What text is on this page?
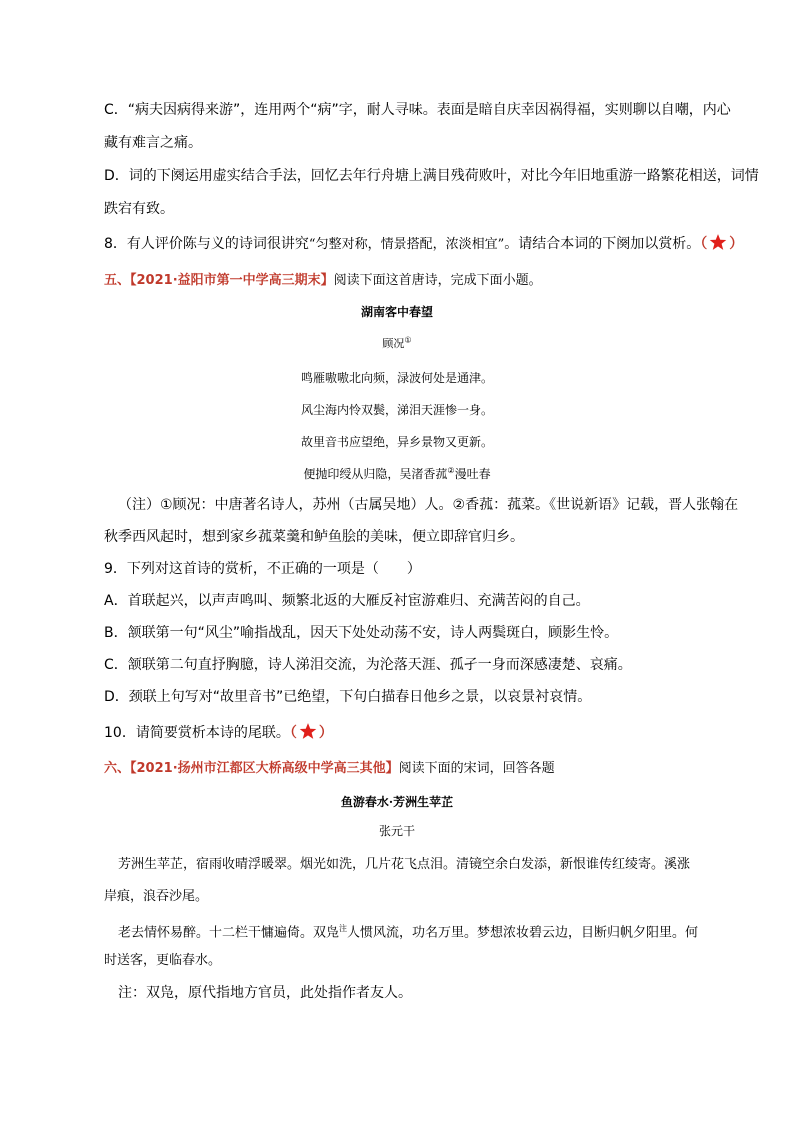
C．“病夫因病得来游”，连用两个“病”字，耐人寻味。表面是暗自庆幸因祸得福，实则聊以自嘲，内心
藏有难言之痛。
D．词的下阕运用虚实结合手法，回忆去年行舟塘上满目残荷败叶，对比今年旧地重游一路繁花相送，词情
跌宕有致。
8．有人评价陈与义的诗词很讲究“匀整对称，情景搭配，浓淡相宜”。请结合本词的下阕加以赏析。（ ）
五、【2021·益阳市第一中学高三期末】阅读下面这首唐诗，完成下面小题。
湖南客中春望
顾况①
鸣雁嗷嗷北向频，渌波何处是通津。
风尘海内怜双鬓，涕泪天涯惨一身。
故里音书应望绝，异乡景物又更新。
便抛印绶从归隐，吴渚香菰②漫吐春
（注）①顾况：中唐著名诗人，苏州（古属吴地）人。②香菰：菰菜。《世说新语》记载，晋人张翰在
秋季西风起时，想到家乡菰菜羹和鲈鱼脍的美味，便立即辞官归乡。
9．下列对这首诗的赏析，不正确的一项是（　　）
A．首联起兴，以声声鸣叫、频繁北返的大雁反衬宦游难归、充满苦闷的自己。
B．颔联第一句“风尘”喻指战乱，因天下处处动荡不安，诗人两鬓斑白，顾影生怜。
C．颔联第二句直抒胸臆，诗人涕泪交流，为沦落天涯、孤孑一身而深感凄楚、哀痛。
D．颈联上句写对“故里音书”已绝望，下句白描春日他乡之景，以哀景衬哀情。
10．请简要赏析本诗的尾联。（ ）
六、【2021·扬州市江都区大桥高级中学高三其他】阅读下面的宋词，回答各题
鱼游春水·芳洲生苹芷
张元干
芳洲生苹芷，宿雨收晴浮暖翠。烟光如洗，几片花飞点泪。清镜空余白发添，新恨谁传红绫寄。溪涨
岸痕，浪吞沙尾。
老去情怀易醉。十二栏干慵遍倚。双凫$^注$人惯风流，功名万里。梦想浓妆碧云边，目断归帆夕阳里。何
时送客，更临春水。
注：双凫，原代指地方官员，此处指作者友人。
